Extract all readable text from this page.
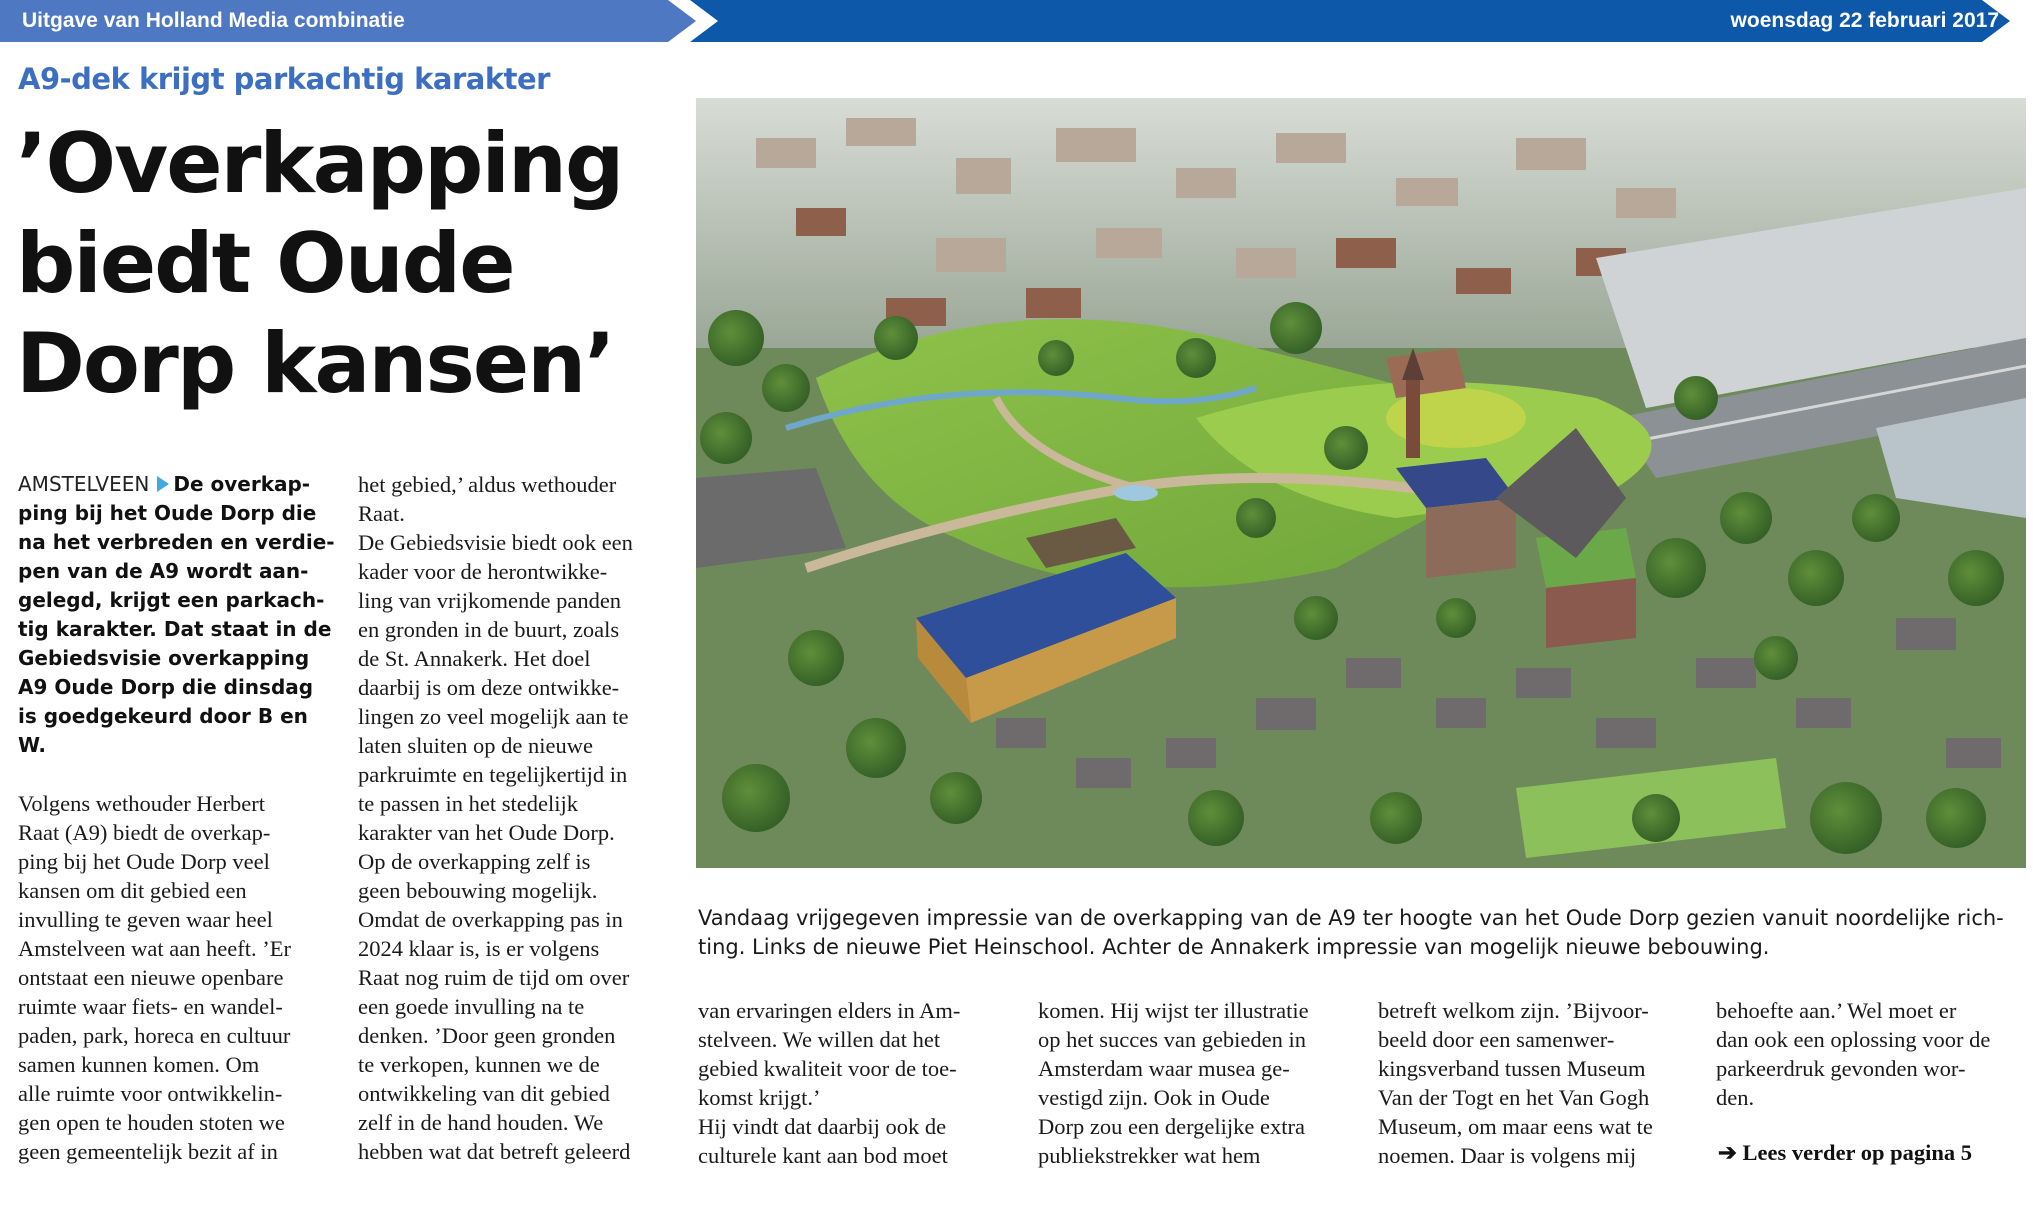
Uitgave van Holland Media combinatie	woensdag 22 februari 2017
A9-dek krijgt parkachtig karakter
’Overkapping
biedt Oude
Dorp kansen’
AMSTELVEEN De overkap-
ping bij het Oude Dorp die
na het verbreden en verdie-
pen van de A9 wordt aan-
gelegd, krijgt een parkach-
tig karakter. Dat staat in de
Gebiedsvisie overkapping
A9 Oude Dorp die dinsdag
is goedgekeurd door B en
W.
Volgens wethouder Herbert
Raat (A9) biedt de overkap-
ping bij het Oude Dorp veel
kansen om dit gebied een
invulling te geven waar heel
Amstelveen wat aan heeft. ’Er
ontstaat een nieuwe openbare
ruimte waar fiets- en wandel-
paden, park, horeca en cultuur
samen kunnen komen. Om
alle ruimte voor ontwikkelin-
gen open te houden stoten we
geen gemeentelijk bezit af in
het gebied,’ aldus wethouder
Raat.
De Gebiedsvisie biedt ook een
kader voor de herontwikke-
ling van vrijkomende panden
en gronden in de buurt, zoals
de St. Annakerk. Het doel
daarbij is om deze ontwikke-
lingen zo veel mogelijk aan te
laten sluiten op de nieuwe
parkruimte en tegelijkertijd in
te passen in het stedelijk
karakter van het Oude Dorp.
Op de overkapping zelf is
geen bebouwing mogelijk.
Omdat de overkapping pas in
2024 klaar is, is er volgens
Raat nog ruim de tijd om over
een goede invulling na te
denken. ’Door geen gronden
te verkopen, kunnen we de
ontwikkeling van dit gebied
zelf in de hand houden. We
hebben wat dat betreft geleerd
Vandaag vrijgegeven impressie van de overkapping van de A9 ter hoogte van het Oude Dorp gezien vanuit noordelijke rich-
ting. Links de nieuwe Piet Heinschool. Achter de Annakerk impressie van mogelijk nieuwe bebouwing.
van ervaringen elders in Am-
stelveen. We willen dat het
gebied kwaliteit voor de toe-
komst krijgt.’
Hij vindt dat daarbij ook de
culturele kant aan bod moet
komen. Hij wijst ter illustratie
op het succes van gebieden in
Amsterdam waar musea ge-
vestigd zijn. Ook in Oude
Dorp zou een dergelijke extra
publiekstrekker wat hem
betreft welkom zijn. ’Bijvoor-
beeld door een samenwer-
kingsverband tussen Museum
Van der Togt en het Van Gogh
Museum, om maar eens wat te
noemen. Daar is volgens mij
behoefte aan.’ Wel moet er
dan ook een oplossing voor de
parkeerdruk gevonden wor-
den.
➔ Lees verder op pagina 5
